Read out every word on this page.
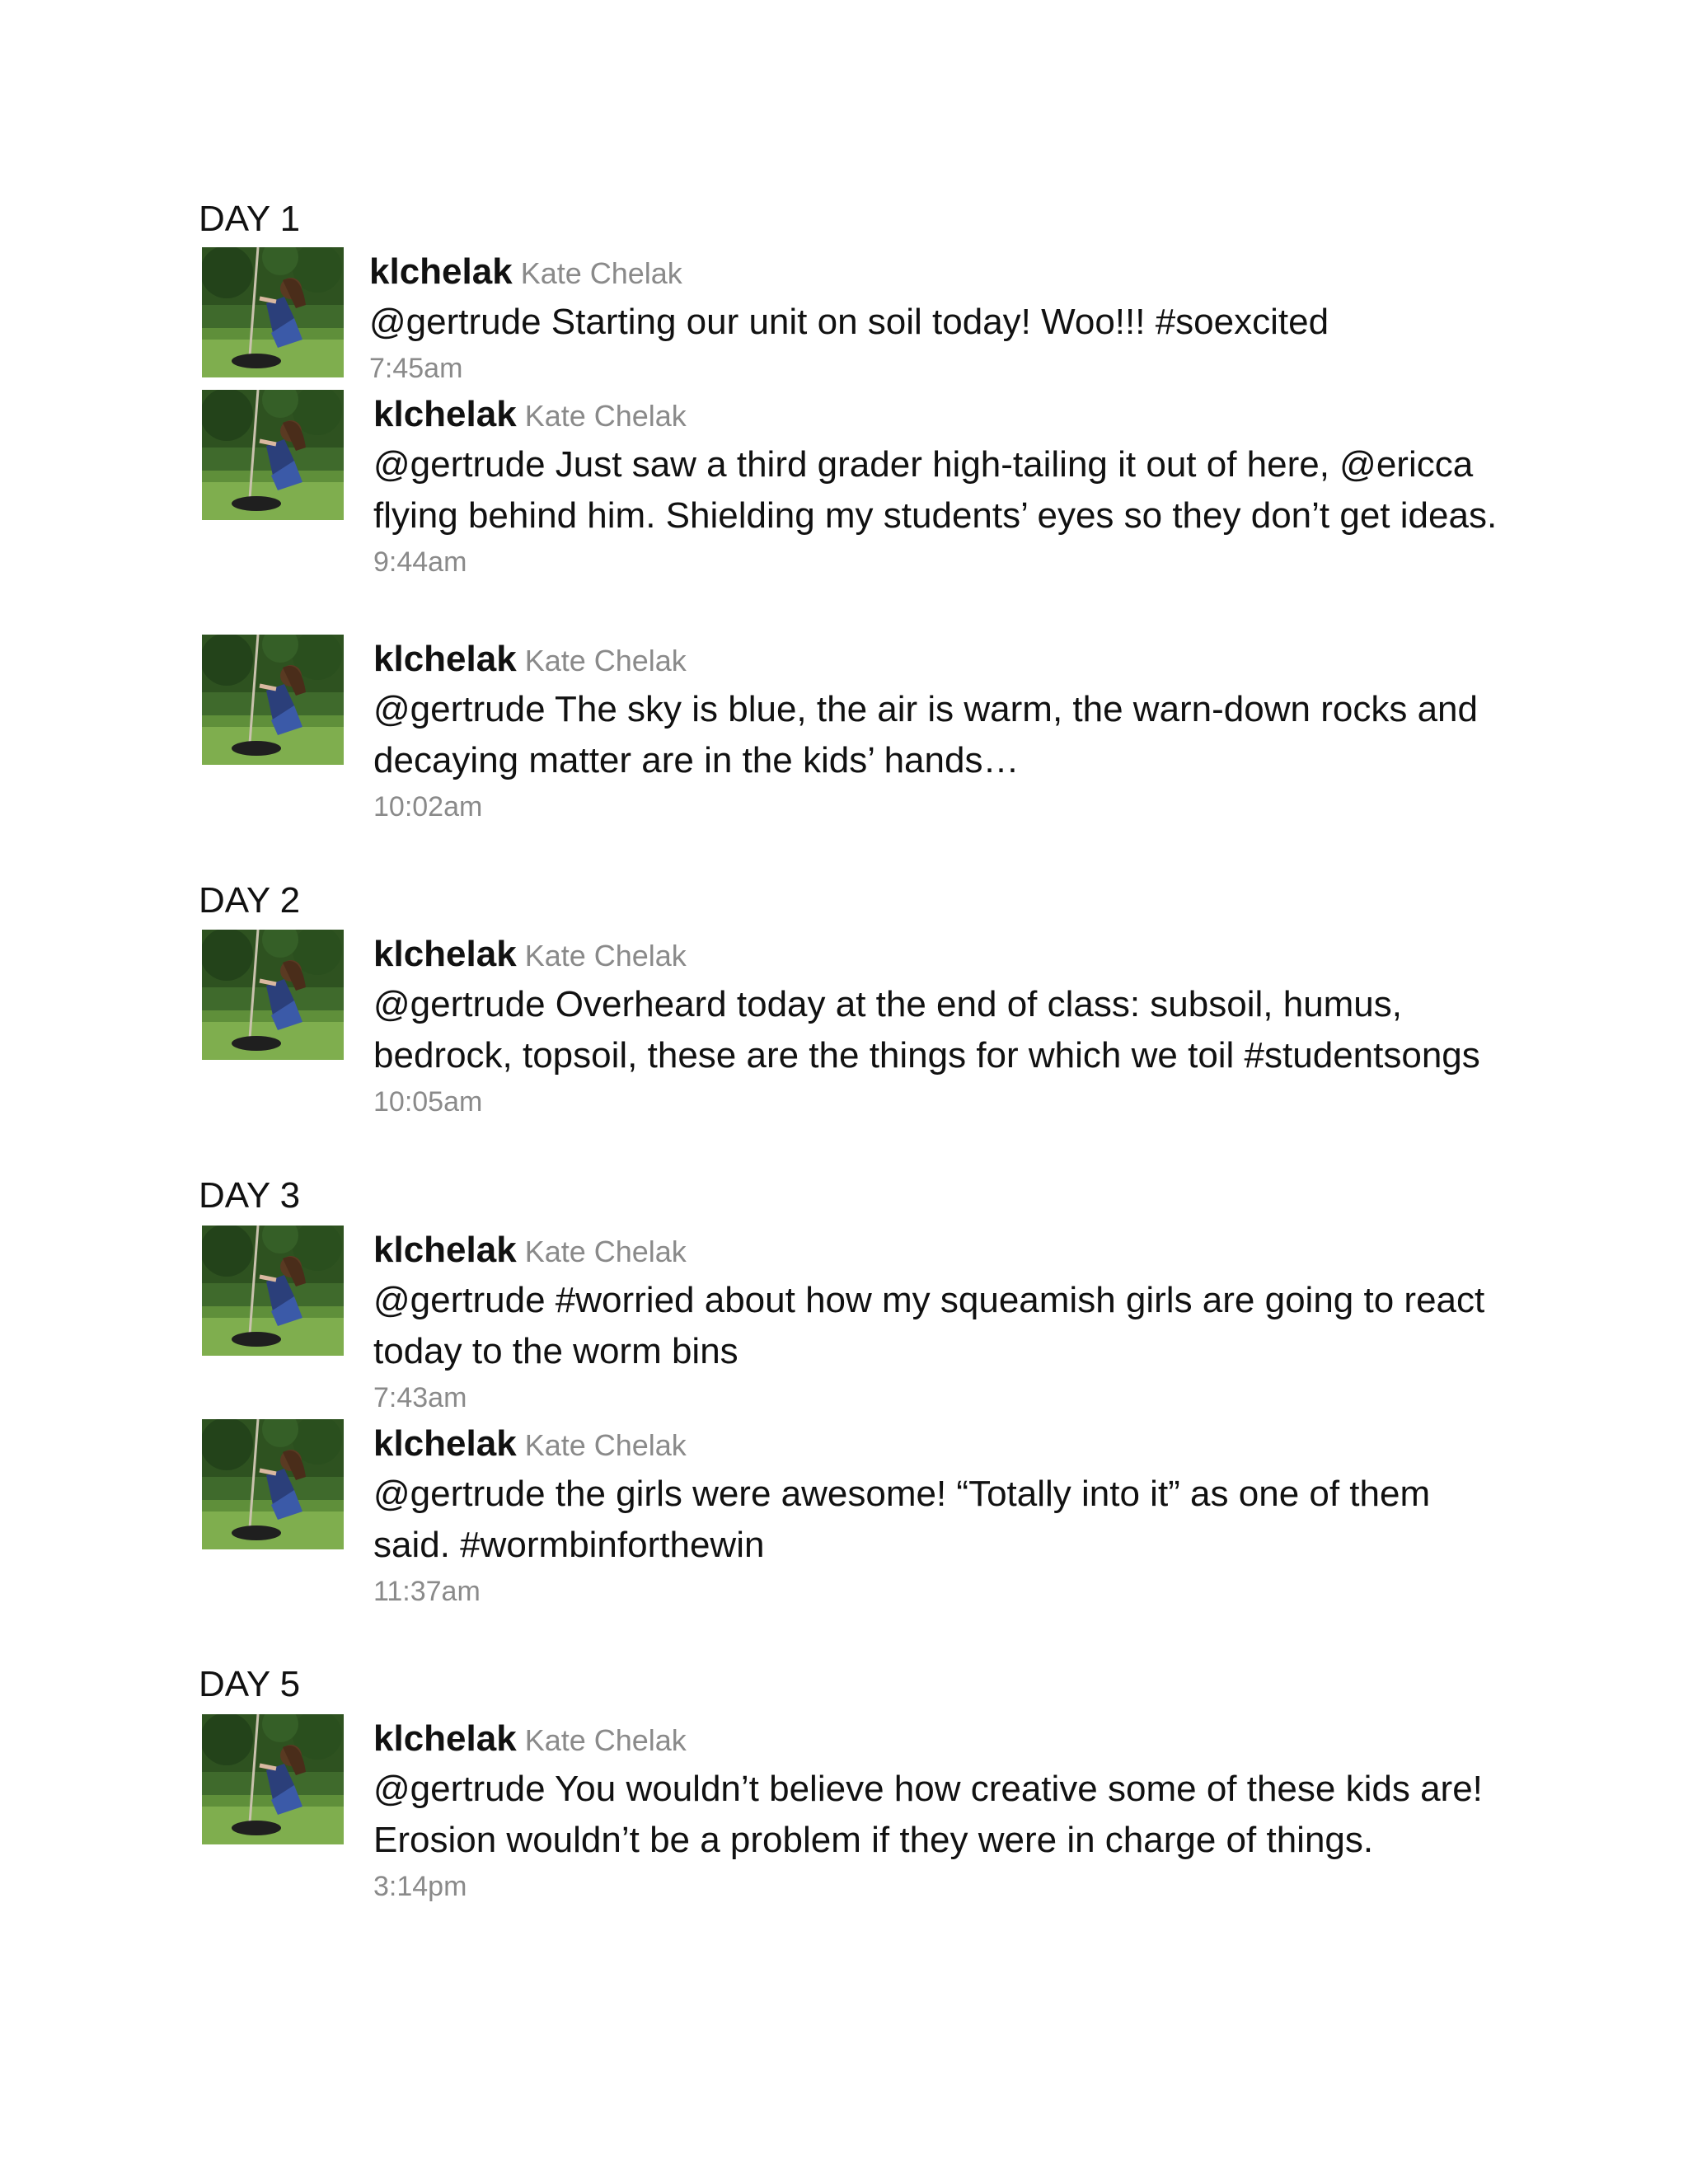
DAY 1
klchelak Kate Chelak

@gertrude Starting our unit on soil today! Woo!!! #soexcited

7:45am
klchelak Kate Chelak

@gertrude Just saw a third grader high-tailing it out of here, @ericca flying behind him. Shielding my students’ eyes so they don’t get ideas.

9:44am
klchelak Kate Chelak

@gertrude The sky is blue, the air is warm, the warn-down rocks and decaying matter are in the kids’ hands…

10:02am
DAY 2
klchelak Kate Chelak

@gertrude Overheard today at the end of class: subsoil, humus, bedrock, topsoil, these are the things for which we toil #studentsongs

10:05am
DAY 3
klchelak Kate Chelak

@gertrude #worried about how my squeamish girls are going to react today to the worm bins

7:43am
klchelak Kate Chelak

@gertrude the girls were awesome! “Totally into it” as one of them said. #wormbinforthewin

11:37am
DAY 5
klchelak Kate Chelak

@gertrude You wouldn’t believe how creative some of these kids are! Erosion wouldn’t be a problem if they were in charge of things.

3:14pm
